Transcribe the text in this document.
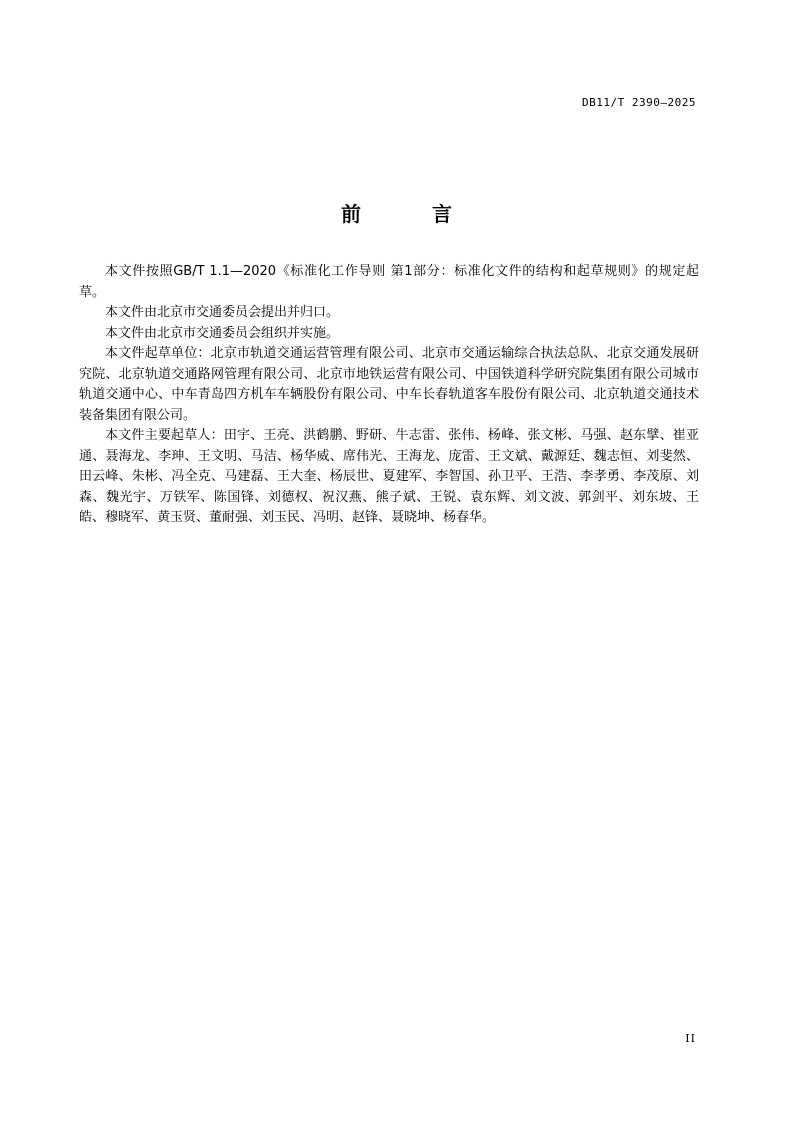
DB11/T 2390—2025
前 言

本文件按照GB/T 1.1—2020《标准化工作导则 第1部分：标准化文件的结构和起草规则》的规定起草。

本文件由北京市交通委员会提出并归口。

本文件由北京市交通委员会组织并实施。

本文件起草单位：北京市轨道交通运营管理有限公司、北京市交通运输综合执法总队、北京交通发展研究院、北京轨道交通路网管理有限公司、北京市地铁运营有限公司、中国铁道科学研究院集团有限公司城市轨道交通中心、中车青岛四方机车车辆股份有限公司、中车长春轨道客车股份有限公司、北京轨道交通技术装备集团有限公司。

本文件主要起草人：田宇、王亮、洪鹤鹏、野研、牛志雷、张伟、杨峰、张文彬、马强、赵东擘、崔亚通、聂海龙、李珅、王文明、马洁、杨华威、席伟光、王海龙、庞雷、王文斌、戴源廷、魏志恒、刘斐然、田云峰、朱彬、冯全克、马建磊、王大奎、杨辰世、夏建军、李智国、孙卫平、王浩、李孝勇、李茂原、刘森、魏光宇、万铁军、陈国锋、刘德权、祝汉燕、熊子斌、王锐、袁东辉、刘文波、郭剑平、刘东坡、王皓、穆晓军、黄玉贤、董耐强、刘玉民、冯明、赵锋、聂晓坤、杨春华。

II
